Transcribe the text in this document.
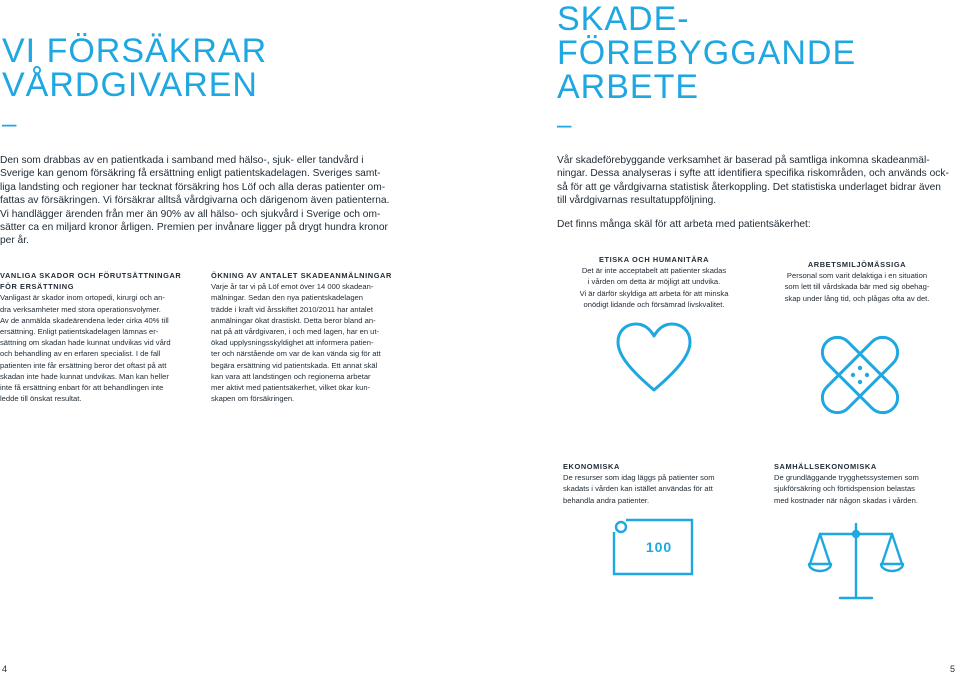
VI FÖRSÄKRAR
VÅRDGIVAREN
–

Den som drabbas av en patientkada i samband med hälso-, sjuk- eller tandvård i

Sverige kan genom försäkring få ersättning enligt patientskadelagen. Sveriges samt-

liga landsting och regioner har tecknat försäkring hos Löf och alla deras patienter om-

fattas av försäkringen. Vi försäkrar alltså vårdgivarna och därigenom även patienterna.

Vi handlägger ärenden från mer än 90% av all hälso- och sjukvård i Sverige och om-

sätter ca en miljard kronor årligen. Premien per invånare ligger på drygt hundra kronor

per år.

VANLIGA SKADOR OCH FÖRUTSÄTTNINGAR
FÖR ERSÄTTNING
Vanligast är skador inom ortopedi, kirurgi och an-
dra verksamheter med stora operationsvolymer.
Av de anmälda skadeärendena leder cirka 40% till
ersättning. Enligt patientskadelagen lämnas er-
sättning om skadan hade kunnat undvikas vid vård
och behandling av en erfaren specialist. I de fall
patienten inte får ersättning beror det oftast på att
skadan inte hade kunnat undvikas. Man kan heller
inte få ersättning enbart för att behandlingen inte
ledde till önskat resultat.
ÖKNING AV ANTALET SKADEANMÄLNINGAR
Varje år tar vi på Löf emot över 14 000 skadean-
mälningar. Sedan den nya patientskadelagen
trädde i kraft vid årsskiftet 2010/2011 har antalet
anmälningar ökat drastiskt. Detta beror bland an-
nat på att vårdgivaren, i och med lagen, har en ut-
ökad upplysningsskyldighet att informera patien-
ter och närstående om var de kan vända sig för att
begära ersättning vid patientskada. Ett annat skäl
kan vara att landstingen och regionerna arbetar
mer aktivt med patientsäkerhet, vilket ökar kun-
skapen om försäkringen.
4
SKADE-
FÖREBYGGANDE
ARBETE
–

Vår skadeförebyggande verksamhet är baserad på samtliga inkomna skadeanmäl-

ningar. Dessa analyseras i syfte att identifiera specifika riskområden, och används ock-

så för att ge vårdgivarna statistisk återkoppling. Det statistiska underlaget bidrar även

till vårdgivarnas resultatuppföljning.

Det finns många skäl för att arbeta med patientsäkerhet:
ETISKA OCH HUMANITÄRA
Det är inte acceptabelt att patienter skadas
i vården om detta är möjligt att undvika.
Vi är därför skyldiga att arbeta för att minska
onödigt lidande och försämrad livskvalitet.
ARBETSMILJÖMÄSSIGA
Personal som varit delaktiga i en situation
som lett till vårdskada bär med sig obehag-
skap under lång tid, och plågas ofta av det.
EKONOMISKA
De resurser som idag läggs på patienter som
skadats i vården kan istället användas för att
behandla andra patienter.
SAMHÄLLSEKONOMISKA
De grundläggande trygghetssystemen som
sjukförsäkring och förtidspension belastas
med kostnader när någon skadas i vården.
100
5
